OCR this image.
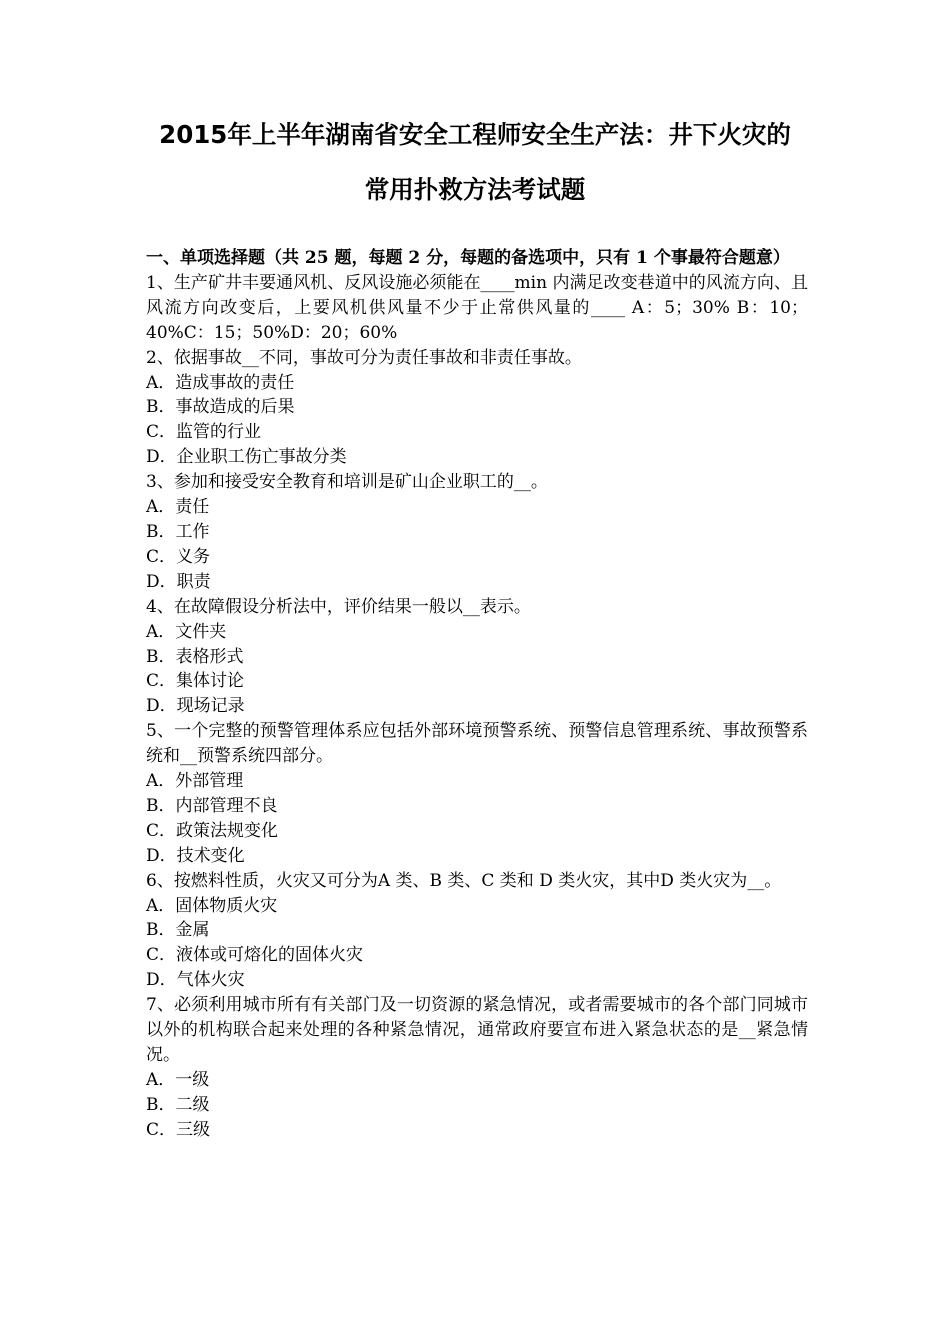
2015年上半年湖南省安全工程师安全生产法：井下火灾的
常用扑救方法考试题
一、单项选择题（共 25 题，每题 2 分，每题的备选项中，只有 1 个事最符合题意）
1、生产矿井丰要通风机、反风设施必须能在____min 内满足改变巷道中的风流方向、且风流方向改变后，上要风机供风量不少于止常供风量的____ A：5；30% B：10；40%C：15；50%D：20；60%
2、依据事故__不同，事故可分为责任事故和非责任事故。
A．造成事故的责任
B．事故造成的后果
C．监管的行业
D．企业职工伤亡事故分类
3、参加和接受安全教育和培训是矿山企业职工的__。
A．责任
B．工作
C．义务
D．职责
4、在故障假设分析法中，评价结果一般以__表示。
A．文件夹
B．表格形式
C．集体讨论
D．现场记录
5、一个完整的预警管理体系应包括外部环境预警系统、预警信息管理系统、事故预警系统和__预警系统四部分。
A．外部管理
B．内部管理不良
C．政策法规变化
D．技术变化
6、按燃料性质，火灾又可分为A 类、B 类、C 类和 D 类火灾，其中D 类火灾为__。
A．固体物质火灾
B．金属
C．液体或可熔化的固体火灾
D．气体火灾
7、必须利用城市所有有关部门及一切资源的紧急情况，或者需要城市的各个部门同城市以外的机构联合起来处理的各种紧急情况，通常政府要宣布进入紧急状态的是__紧急情况。
A．一级
B．二级
C．三级
